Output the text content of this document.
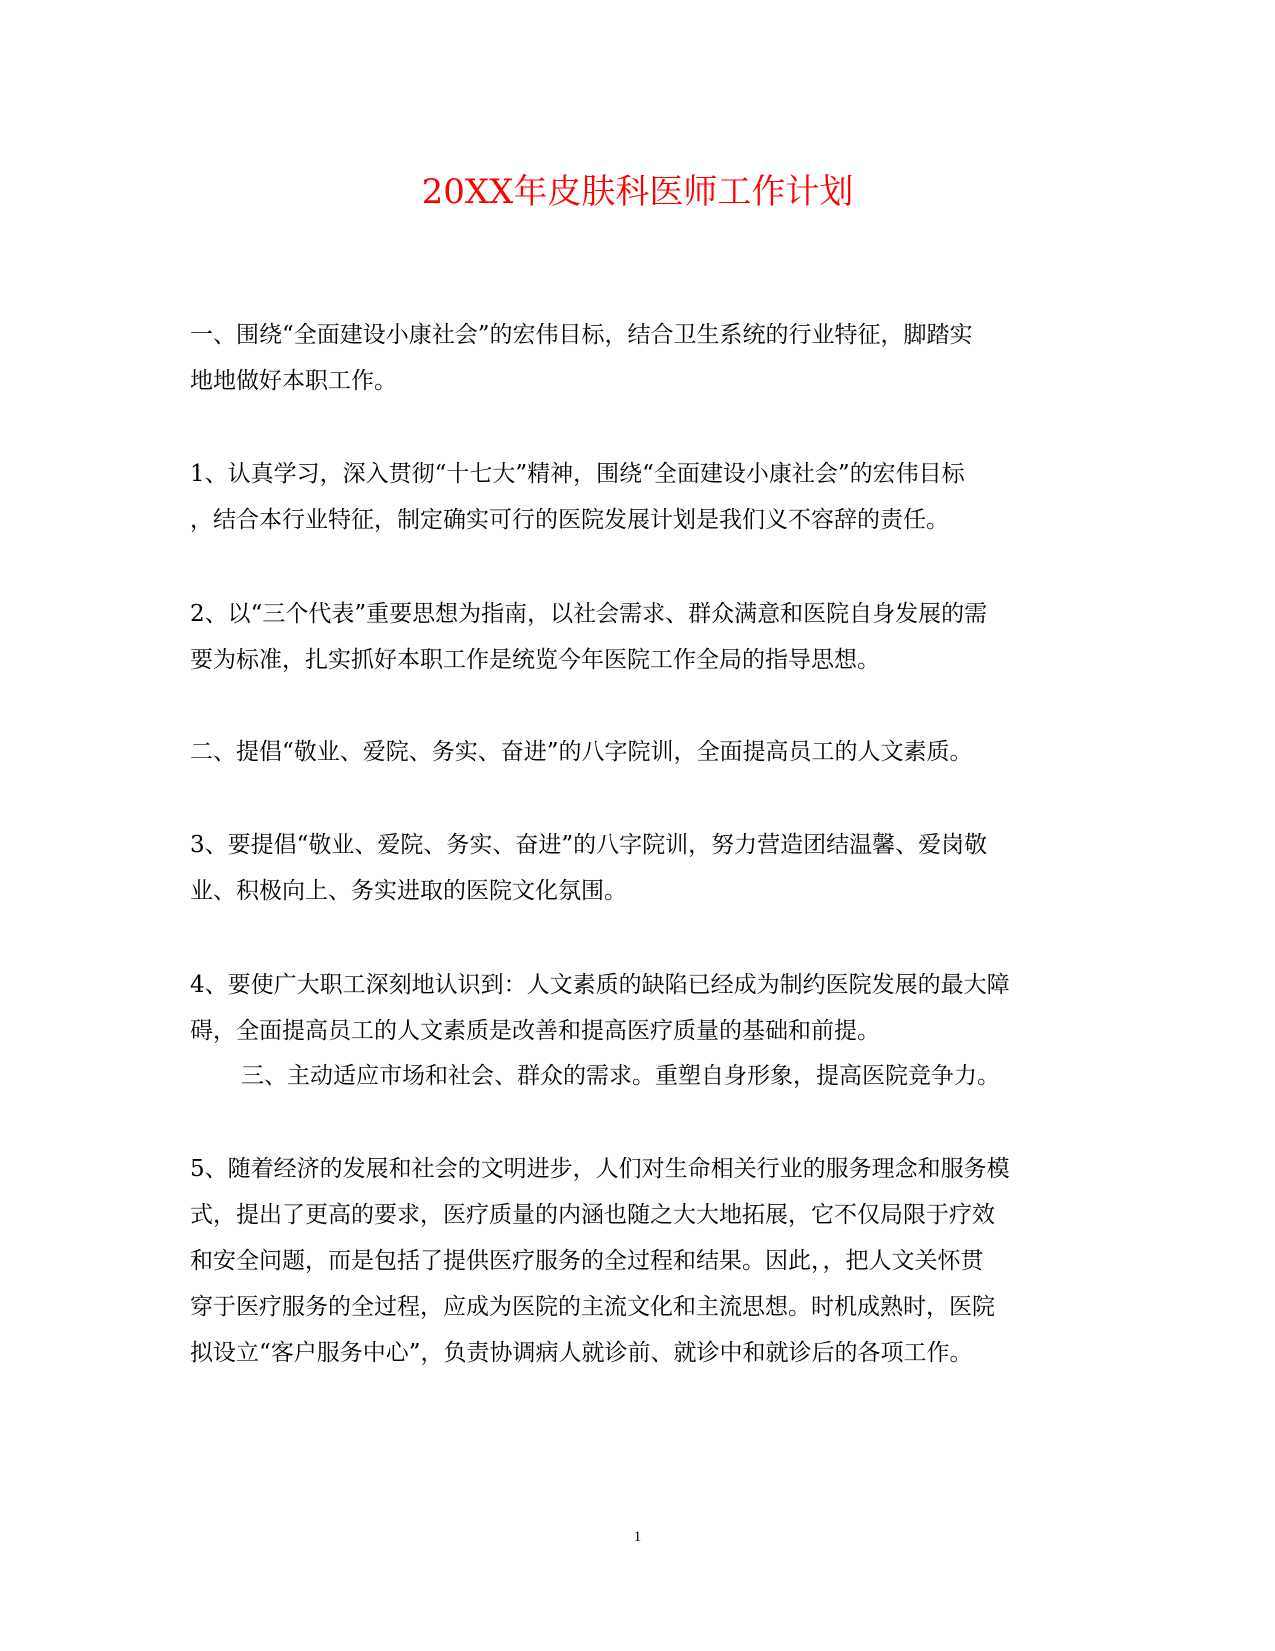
20XX年皮肤科医师工作计划
一、围绕“全面建设小康社会”的宏伟目标，结合卫生系统的行业特征，脚踏实
地地做好本职工作。
1、认真学习，深入贯彻“十七大”精神，围绕“全面建设小康社会”的宏伟目标
，结合本行业特征，制定确实可行的医院发展计划是我们义不容辞的责任。
2、以“三个代表”重要思想为指南，以社会需求、群众满意和医院自身发展的需
要为标准，扎实抓好本职工作是统览今年医院工作全局的指导思想。
二、提倡“敬业、爱院、务实、奋进”的八字院训，全面提高员工的人文素质。
3、要提倡“敬业、爱院、务实、奋进”的八字院训，努力营造团结温馨、爱岗敬
业、积极向上、务实进取的医院文化氛围。
4、要使广大职工深刻地认识到：人文素质的缺陷已经成为制约医院发展的最大障
碍，全面提高员工的人文素质是改善和提高医疗质量的基础和前提。
三、主动适应市场和社会、群众的需求。重塑自身形象，提高医院竞争力。
5、随着经济的发展和社会的文明进步，人们对生命相关行业的服务理念和服务模
式，提出了更高的要求，医疗质量的内涵也随之大大地拓展，它不仅局限于疗效
和安全问题，而是包括了提供医疗服务的全过程和结果。因此，，把人文关怀贯
穿于医疗服务的全过程，应成为医院的主流文化和主流思想。时机成熟时，医院
拟设立“客户服务中心”，负责协调病人就诊前、就诊中和就诊后的各项工作。
1
